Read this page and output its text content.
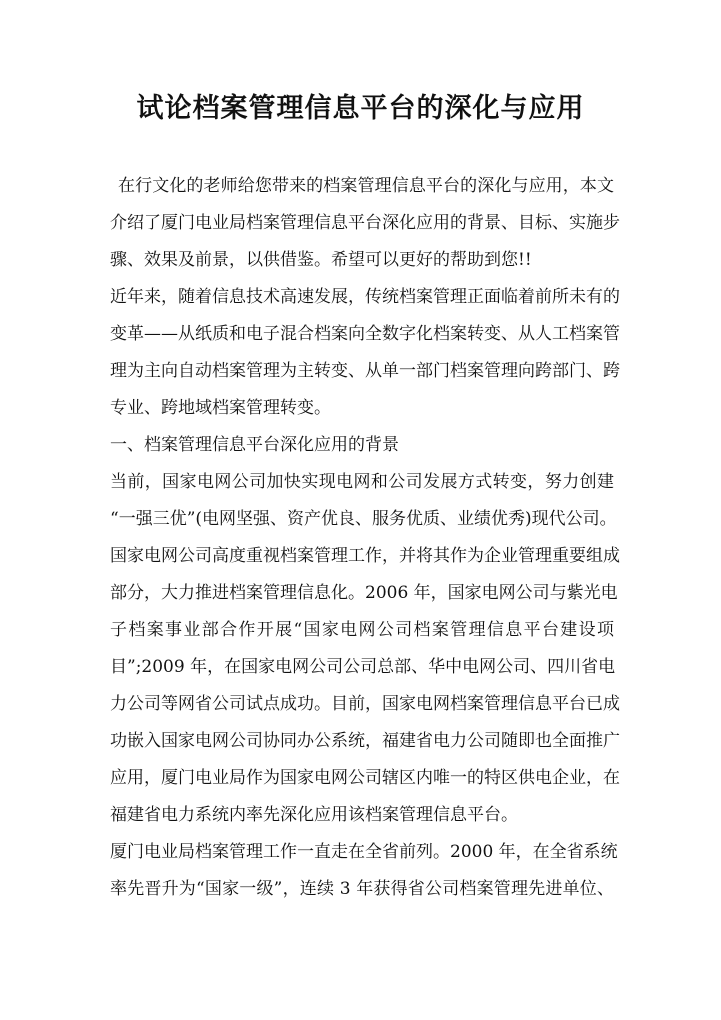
试论档案管理信息平台的深化与应用
在行文化的老师给您带来的档案管理信息平台的深化与应用，本文
介绍了厦门电业局档案管理信息平台深化应用的背景、目标、实施步
骤、效果及前景，以供借鉴。希望可以更好的帮助到您!!
近年来，随着信息技术高速发展，传统档案管理正面临着前所未有的
变革——从纸质和电子混合档案向全数字化档案转变、从人工档案管
理为主向自动档案管理为主转变、从单一部门档案管理向跨部门、跨
专业、跨地域档案管理转变。
一、档案管理信息平台深化应用的背景
当前，国家电网公司加快实现电网和公司发展方式转变，努力创建
“一强三优”(电网坚强、资产优良、服务优质、业绩优秀)现代公司。
国家电网公司高度重视档案管理工作，并将其作为企业管理重要组成
部分，大力推进档案管理信息化。2006 年，国家电网公司与紫光电
子档案事业部合作开展“国家电网公司档案管理信息平台建设项
目”;2009 年，在国家电网公司公司总部、华中电网公司、四川省电
力公司等网省公司试点成功。目前，国家电网档案管理信息平台已成
功嵌入国家电网公司协同办公系统，福建省电力公司随即也全面推广
应用，厦门电业局作为国家电网公司辖区内唯一的特区供电企业，在
福建省电力系统内率先深化应用该档案管理信息平台。
厦门电业局档案管理工作一直走在全省前列。2000 年，在全省系统
率先晋升为“国家一级”，连续 3 年获得省公司档案管理先进单位、
